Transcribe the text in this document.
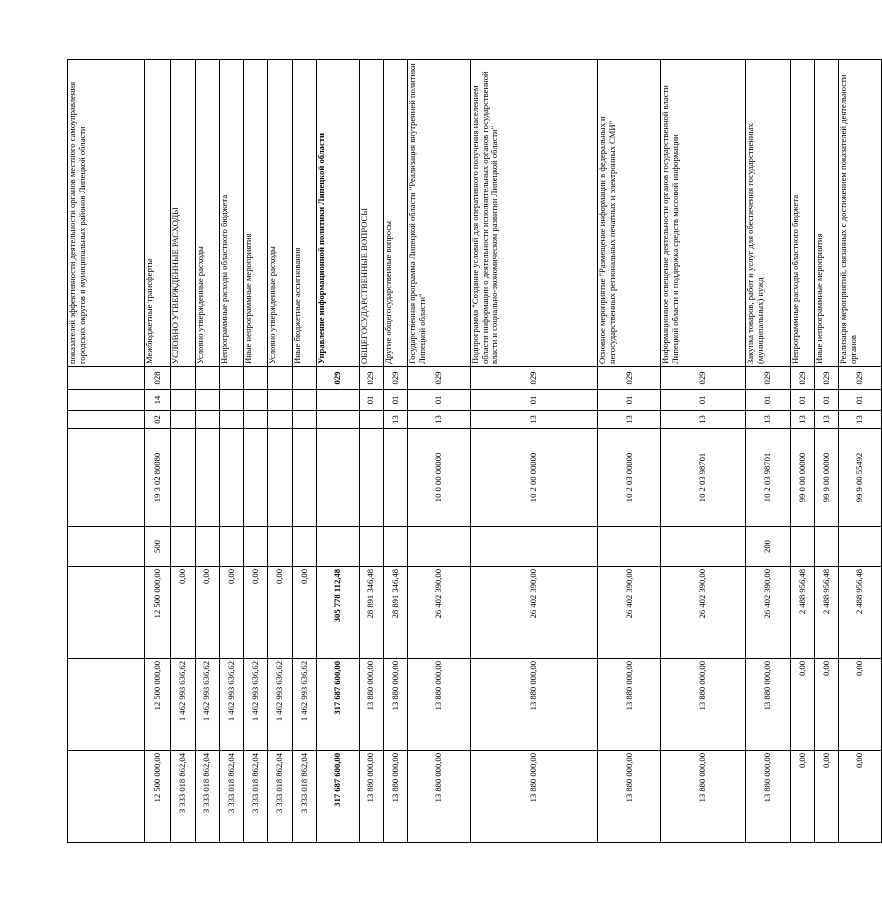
								показателей эффективности деятельности органов местного самоуправления городских округов и муниципальных районов Липецкой области
12 500 000,00	12 500 000,00	12 500 000,00	500	19 3 02 80080	02	14	028	Межбюджетные трансферты
3 333 018 862,04	1 462 993 636,62	0,00						УСЛОВНО УТВЕРЖДЕННЫЕ РАСХОДЫ
3 333 018 862,04	1 462 993 636,62	0,00						Условно утвержденные расходы
3 333 018 862,04	1 462 993 636,62	0,00						Непрограммные расходы областного бюджета
3 333 018 862,04	1 462 993 636,62	0,00						Иные непрограммные мероприятия
3 333 018 862,04	1 462 993 636,62	0,00						Условно утвержденные расходы
3 333 018 862,04	1 462 993 636,62	0,00						Иные бюджетные ассигнования
317 687 600,00	317 687 600,00	305 778 112,48					029	Управление информационной политики Липецкой области
13 880 000,00	13 880 000,00	28 891 346,48				01	029	ОБЩЕГОСУДАРСТВЕННЫЕ ВОПРОСЫ
13 880 000,00	13 880 000,00	28 891 346,48			13	01	029	Другие общегосударственные вопросы
13 880 000,00	13 880 000,00	26 402 390,00		10 0 00 00000	13	01	029	Государственная программа Липецкой области "Реализация внутренней политики Липецкой области"
13 880 000,00	13 880 000,00	26 402 390,00		10 2 00 00000	13	01	029	Подпрограмма "Создание условий для оперативного получения населением области информации о деятельности исполнительных органов государственной власти и социально-экономическом развитии Липецкой области"
13 880 000,00	13 880 000,00	26 402 390,00		10 2 03 00000	13	01	029	Основное мероприятие "Размещение информации в федеральных и негосударственных региональных печатных и электронных СМИ"
13 880 000,00	13 880 000,00	26 402 390,00		10 2 03 98701	13	01	029	Информационное освещение деятельности органов государственной власти Липецкой области и поддержка средств массовой информации
13 880 000,00	13 880 000,00	26 402 390,00	200	10 2 03 98701	13	01	029	Закупка товаров, работ и услуг для обеспечения государственных (муниципальных) нужд
0,00	0,00	2 488 956,48		99 0 00 00000	13	01	029	Непрограммные расходы областного бюджета
0,00	0,00	2 488 956,48		99 9 00 00000	13	01	029	Иные непрограммные мероприятия
0,00	0,00	2 488 956,48		99 9 00 55492	13	01	029	Реализация мероприятий, связанных с достижением показателей деятельности органов
